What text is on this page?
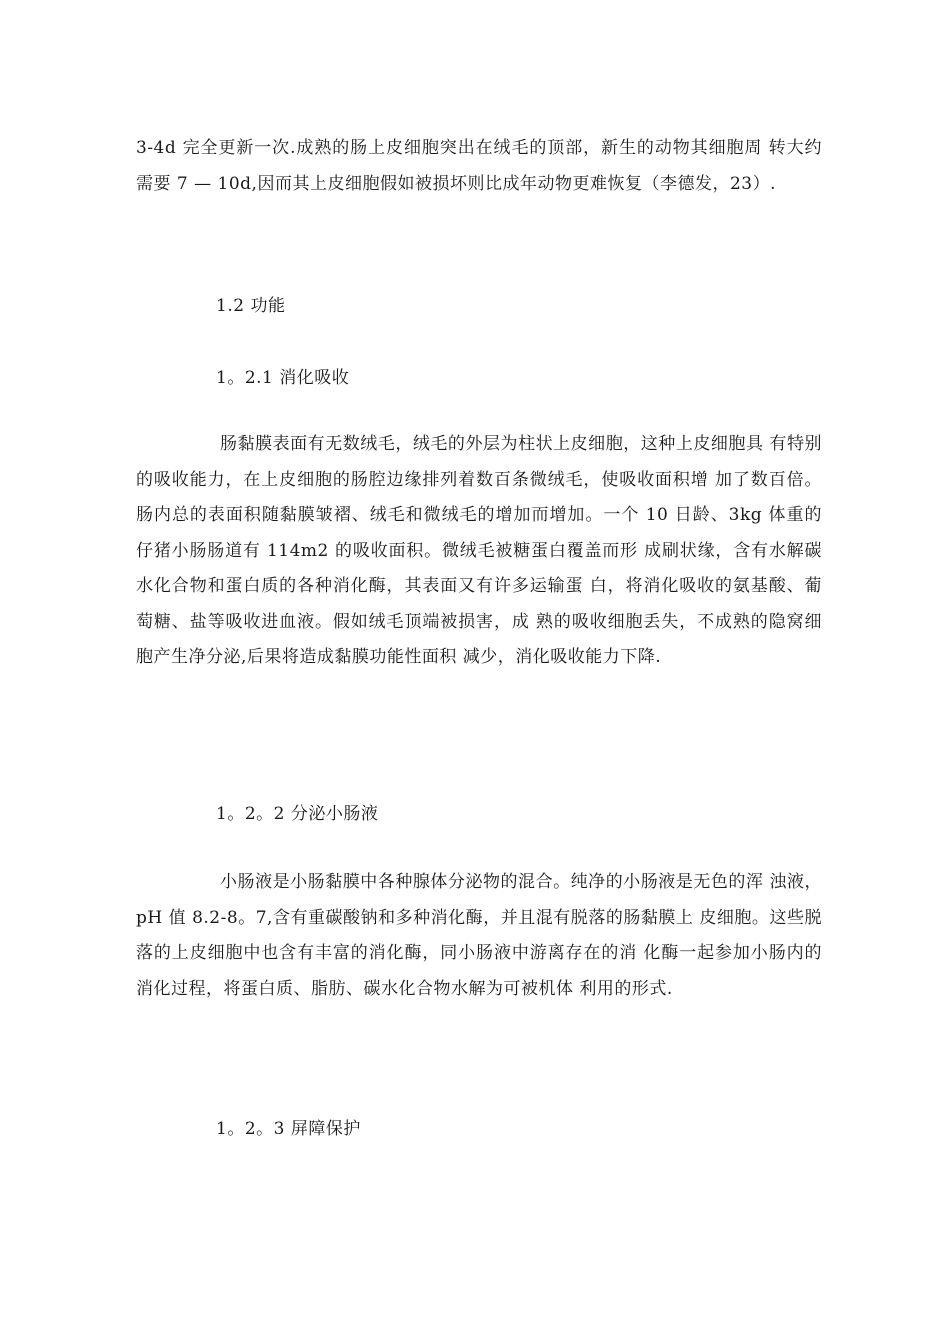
3-4d 完全更新一次.成熟的肠上皮细胞突出在绒毛的顶部，新生的动物其细胞周 转大约需要 7 — 10d,因而其上皮细胞假如被损坏则比成年动物更难恢复（李德发，23）.

1.2 功能

1。2.1 消化吸收

肠黏膜表面有无数绒毛，绒毛的外层为柱状上皮细胞，这种上皮细胞具 有特别的吸收能力，在上皮细胞的肠腔边缘排列着数百条微绒毛，使吸收面积增 加了数百倍。肠内总的表面积随黏膜皱褶、绒毛和微绒毛的增加而增加。一个 10 日龄、3kg 体重的仔猪小肠肠道有 114m2 的吸收面积。微绒毛被糖蛋白覆盖而形 成刷状缘，含有水解碳水化合物和蛋白质的各种消化酶，其表面又有许多运输蛋 白，将消化吸收的氨基酸、葡萄糖、盐等吸收进血液。假如绒毛顶端被损害，成 熟的吸收细胞丢失，不成熟的隐窝细胞产生净分泌,后果将造成黏膜功能性面积 减少，消化吸收能力下降.

1。2。2 分泌小肠液

小肠液是小肠黏膜中各种腺体分泌物的混合。纯净的小肠液是无色的浑 浊液，pH 值 8.2-8。7,含有重碳酸钠和多种消化酶，并且混有脱落的肠黏膜上 皮细胞。这些脱落的上皮细胞中也含有丰富的消化酶，同小肠液中游离存在的消 化酶一起参加小肠内的消化过程，将蛋白质、脂肪、碳水化合物水解为可被机体 利用的形式.

1。2。3 屏障保护
